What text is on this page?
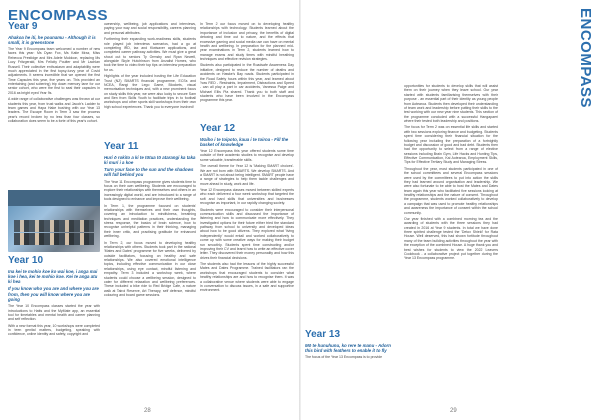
ENCOMPASS
Year 9
Ahakoa he iti, he pounamu - Although it is small, it is greenstone

The Year 9 Encompass team welcomed a number of new faces this year: Ms Dyan Fox, Ms Katie Mraz, Miss Rebecca Prestidge and Mrs Adele Muldoon, replacing Ms Lucy Fritzgerald, Mrs Felicity Poulter and Mr Lachlan Russell. Their collective enthusiasm and adaptability were much appreciated in the first topsy-turvy year of Covid adjustments. It seems incredible that we opened the first Time Capsules this year, five years on. This provided an entertaining (and sobering) trip down memory lane for our senior cohort, who were the first to seal their capsules in 2016 as bright eyed Year 9s.

A wide range of collaborative challenges was thrown at our students this year, from trust walks and Jacob's Ladder to team games and Hapa Hake bushing with our Year 13 leaders. The Escape Room in Term 3 saw the process year's record broken by no less than four classes, so collaboration does seem to be a forte of this year's cohort.

Year 10
Ina kei te mohio koe ko wai koe, i anga mai koe i hea, kei te mohio koe. Kei te anga atu ki hea
If you know who you are and where you are from, then you will know where you are going

The Year 10 Encompass classes started the year with introductions to Hatts and the MyMate app, an essential tool for timetables and mental health and career planning and self reflection.

With a new format this year, 10 workshops were completed in teen genital matters, budgeting, speaking with confidence, online identity and safety, copyright and

ownership, wellbeing, job applications and interviews, paying your way and social responsibility, careers planning and personal attributes.

Furthering their expanding work-readiness skills, students role played job interviews scenarios, had a go at completing IRD, tax and Kiwisaver applications, and completed career pathway activities. We must give a great shout out to seniors Ty Ormsby and Ryan Newell, alongside Skyle Hutchinson from Anzalist Homes, who took the time to video their top tips on interview preparation for us.

Highlights of the year included hosting the Life Education Trust (NZ) SMARTS financial programme, ECSs and NCEA, Rangi the Lego Game, Blockets, visual memorisation techniques and, with a new prominent focus on study skills this year, we were also lucky to secure Sam and Ben from Skills Youth to facilitate trips in to football workshops and other sports skill workshops from their own high school experiences. Thank you to everyone involved!

Year 11
Huri ō rokito a ki te tōtua tō atarangi ka taka ki muri i a koe
Turn your face to the sun and the shadows will fall behind you

The Year 11 Encompass programme gives students time to focus on their own wellbeing. Students are encouraged to explore their relationships with themselves and others in an increasingly digital world, and are introduced to a range of tools designed to enhance and improve their wellbeing.

In Term 1, the programme focused on students' relationships with themselves and their own thoughts, covering an introduction to mindfulness, breathing techniques and meditation practices, understanding the stress response, the basics of brain science, how to recognise unhelpful patterns in their thinking, managing their inner critic, and practising gratitude for enhanced wellbeing.

In Term 2, our focus moved to developing healthy relationships with others. Students took part in the national 'Mates and Dates' programme for five weeks, delivered by outside facilitators, focusing on healthy and safe relationships. We also covered emotional intelligence topics, including effective communication in our close relationships, using eye contact, mindful listening and empathy. Term 3 included a workshop week, where students could choose a wellbeing session, designed to cater for different relaxation and wellbeing preferences. These included a bike ride to Red Bridge Cafe, a nature walk at Tairoi Reserve, Art Therapy, self defence, mindful colouring and board game sessions.

In Term 2 our focus moved on to developing healthy relationships with technology. Students learned about the importance of inclusion and privacy, the benefits of digital detoxing and time out to nature, and the effects that excessive gaming and social media use can have on mental health and wellbeing. In preparation for the planned mid-year examinations in Term 2, students learned how to manage exams and study times with mindful breathing techniques and effective revision strategies.

Students also participated in the Roadsafe Awareness Day initiative, designed to reduce the number of deaths and accidents on Hawke's Bay roads. Students participated in the Road Safety hours within this year, and learned about 'how RED - Restraints, Impairment, Distractions and Speed - can all play a part in car accidents, Vanessa Paige and Michael Ellis Pia shared. Thank you to both staff and students who have been involved in the Encompass programme this year.

Year 12
Waiho i te toipoto, kaua i te toiroa - Fill the basket of knowledge

Year 12 Encompass this year offered students some time outside of their academic studies to recognise and develop some valuable, transferable skills.

The overall theme for Year 12 is 'Making SMART choices'. We are not born with SMARTS. We develop SMARTS. And a SMART is not about being intelligent. SMART people have a range of strategies to help them tackle challenges and move ahead in study, work and life.

Year 12 Encompass classes moved between skilled experts who each delivered a four week workshop that targeted the soft and hard skills that universities and businesses recognise as important, in our rapidly changing society.

Students were encouraged to consider their interpersonal communication skills and discussed the importance of listening and how to communicate more effectively. They investigated options for their future either tried the standard pathway from school to university and developed ideas about how to be good citizens. They explored what 'living independently' would entail and worked collaboratively to come up with some creative ways for making their budget run smoothly. Students spent time constructing and/or improving their CV and learnt how to write an effective cover letter. They discovered their money personality and how this drives their financial decisions.

The students also had the lessons of the highly successful Mates and Dates Programme. Trained facilitators ran the workshops that encouraged students to consider what healthy relationships are and how to recognise them. It was a collaborative venue where students were able to engage in conversation to discuss issues, in a safe and supportive environment.

28
ENCOMPASS
Year 13
Mō te hunuhunu, ko rere te manu - Adorn this bird with feathers to enable it to fly

The focus of the Year 13 Encompass is to provide

opportunities for students to develop skills that will assist them on their journey when they leave school. Our year started with students familiarising themselves with their purpose - an essential part of their identity as young people from Aotearoa. Students then developed their understanding of team work and leadership before putting their skills to the test working with our new year nine students. This section of the programme concluded with a successful Hangapaeri where their tested both leadership and positions.

The focus for Term 2 was on essential life skills and started with two sessions exploring finance and budgeting. Students spent time considering their financial situation for the following year including the preparation of a fortnightly budget and discussion of good and bad debt. Students then had the opportunity to select from a range of elective sessions including Brain Gym, Life Hacks and Hunting Tips, Effective Communication, Kai Aotearoa, Employment Skills, Tips for Effective Tertiary Study and Managing Stress.

Throughout the year, most students participated in one of the school committees and several Encompass sessions were used by the committees to put into action the skills they had learned around organisation and leadership. We were also fortunate to be able to host the Mates and Dates team again this year who facilitated five sessions looking at healthy relationships and the nature of consent. Throughout the programme, students worked collaboratively to develop a campaign that was used to promote healthy relationships and awareness the importance of consent within the school community.

Our year finished with a combined morning tea and the awarding of students with the three sessions they had created in 2016 at Year 9 students. In total we have done three spirited challenge tested the 'Detox Shield' for Rata House. Well deserved, this had shown fortitude throughout many of the team building activities throughout the year with the exception of the combined House. A huge thank you and best wishes for students to view the 2022 Leavers Cookbook - a collaborative project put together during the Year 13 Encompass programme.

29
